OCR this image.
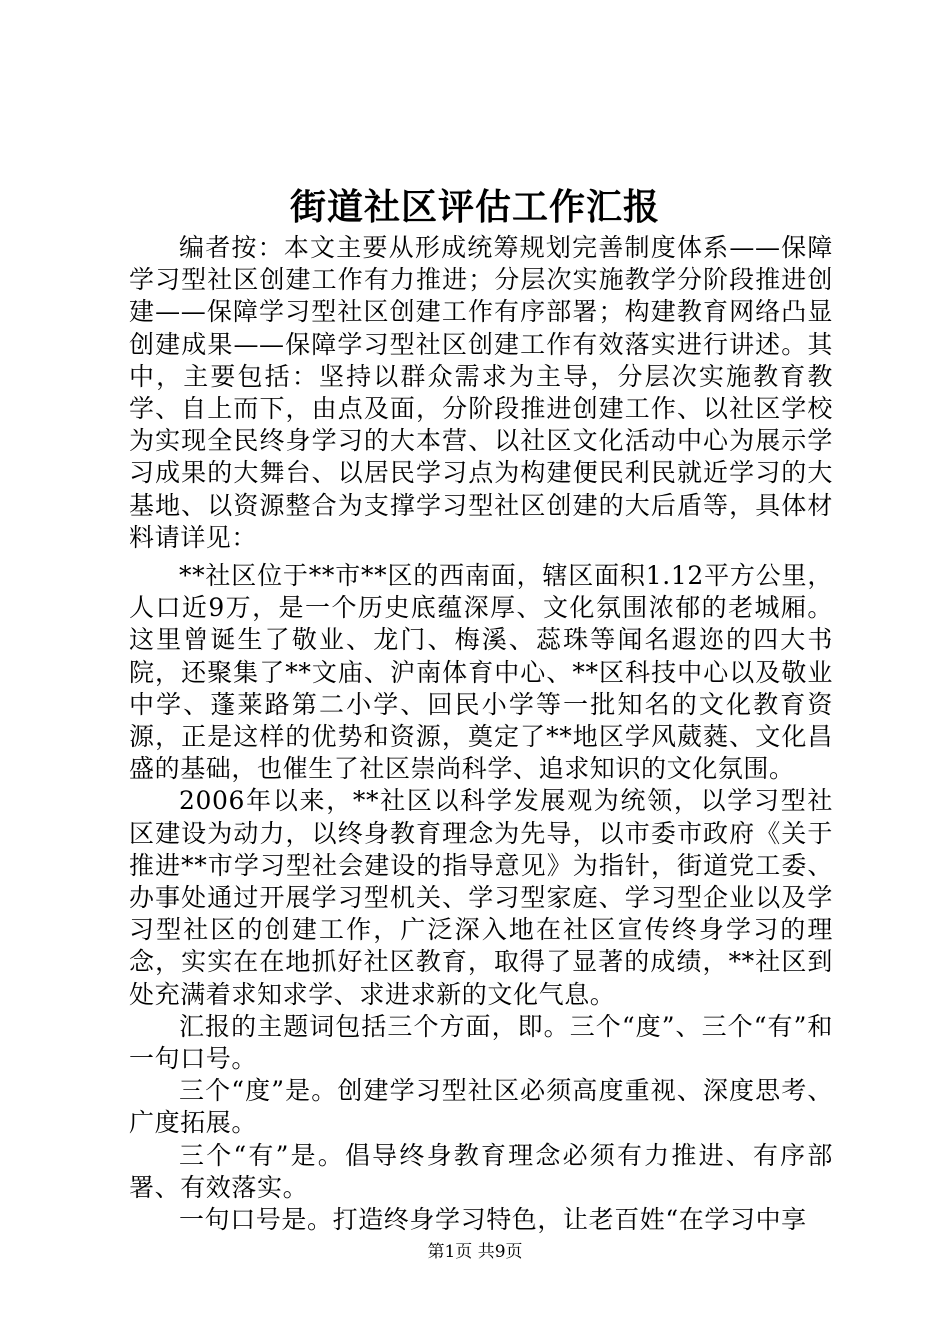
街道社区评估工作汇报

编者按：本文主要从形成统筹规划完善制度体系——保障学习型社区创建工作有力推进；分层次实施教学分阶段推进创建——保障学习型社区创建工作有序部署；构建教育网络凸显创建成果——保障学习型社区创建工作有效落实进行讲述。其中，主要包括：坚持以群众需求为主导，分层次实施教育教学、自上而下，由点及面，分阶段推进创建工作、以社区学校为实现全民终身学习的大本营、以社区文化活动中心为展示学习成果的大舞台、以居民学习点为构建便民利民就近学习的大基地、以资源整合为支撑学习型社区创建的大后盾等，具体材料请详见：

**社区位于**市**区的西南面，辖区面积1.12平方公里，人口近9万，是一个历史底蕴深厚、文化氛围浓郁的老城厢。这里曾诞生了敬业、龙门、梅溪、蕊珠等闻名遐迩的四大书院，还聚集了**文庙、沪南体育中心、**区科技中心以及敬业中学、蓬莱路第二小学、回民小学等一批知名的文化教育资源，正是这样的优势和资源，奠定了**地区学风葳蕤、文化昌盛的基础，也催生了社区崇尚科学、追求知识的文化氛围。

2006年以来，**社区以科学发展观为统领，以学习型社区建设为动力，以终身教育理念为先导，以市委市政府《关于推进**市学习型社会建设的指导意见》为指针，街道党工委、办事处通过开展学习型机关、学习型家庭、学习型企业以及学习型社区的创建工作，广泛深入地在社区宣传终身学习的理念，实实在在地抓好社区教育，取得了显著的成绩，**社区到处充满着求知求学、求进求新的文化气息。

汇报的主题词包括三个方面，即。三个“度”、三个“有”和一句口号。

三个“度”是。创建学习型社区必须高度重视、深度思考、广度拓展。

三个“有”是。倡导终身教育理念必须有力推进、有序部署、有效落实。

一句口号是。打造终身学习特色，让老百姓“在学习中享

第1页 共9页
